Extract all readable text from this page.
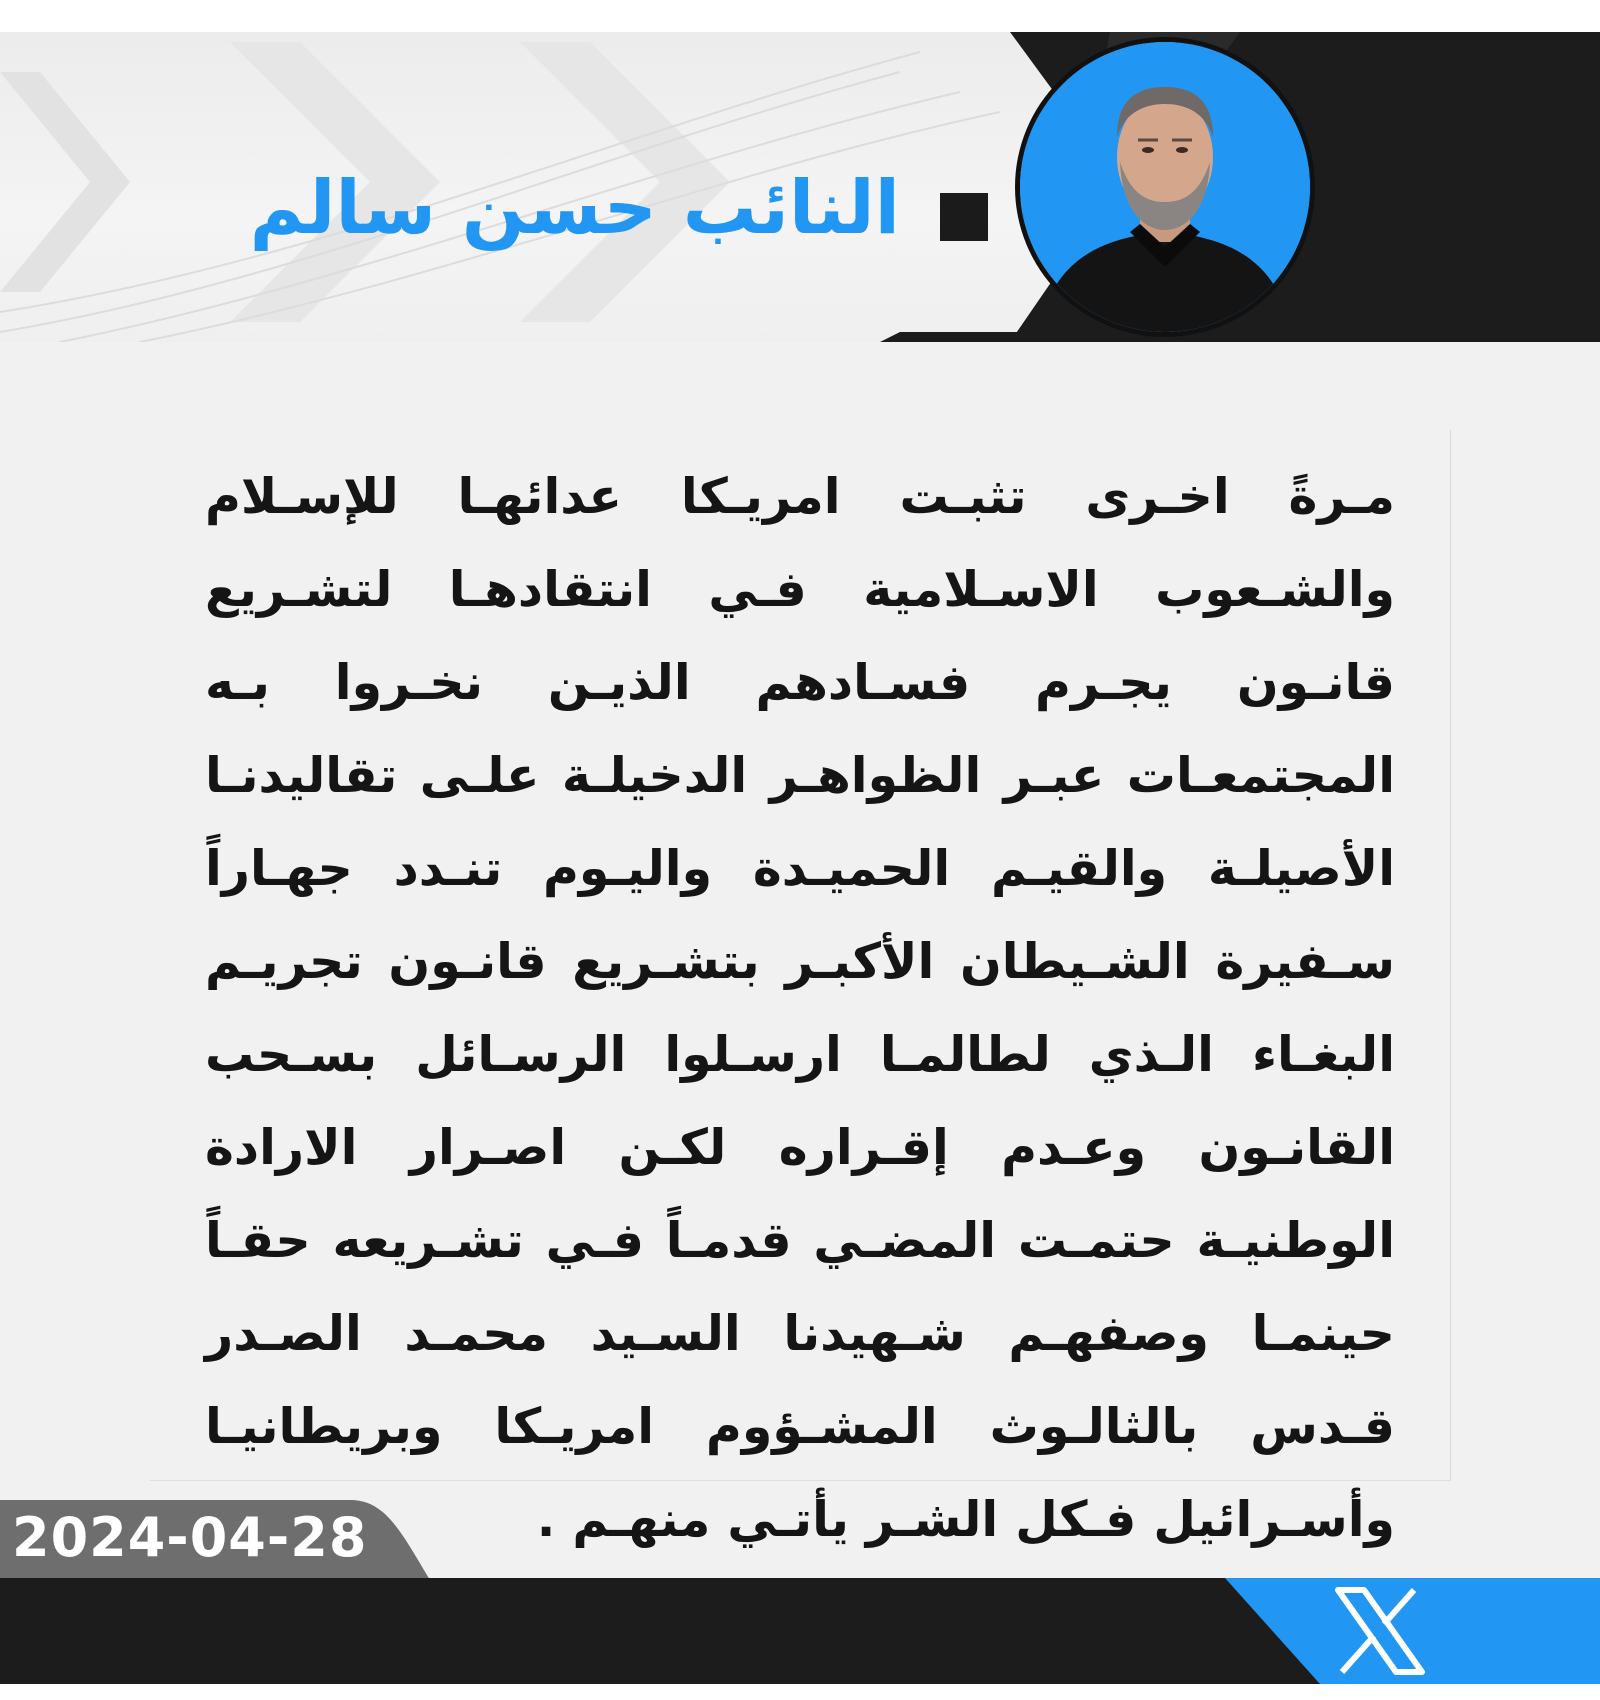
النائب حسن سالم

مـرةً اخـرى تثبـت امريـكا عدائهـا للإسـلام والشـعوب الاسـلامية فـي انتقادهـا لتشـريع قانـون يجـرم فسـادهم الذيـن نخـروا بـه المجتمعـات عبـر الظواهـر الدخيلـة علـى تقاليدنـا الأصيلـة والقيـم الحميـدة واليـوم تنـدد جهـاراً سـفيرة الشـيطان الأكبـر بتشـريع قانـون تجريـم البغـاء الـذي لطالمـا ارسـلوا الرسـائل بسـحب القانـون وعـدم إقـراره لكـن اصـرار الارادة الوطنيـة حتمـت المضـي قدمـاً فـي تشـريعه حقـاً حينمـا وصفهـم شـهيدنا السـيد محمـد الصـدر قـدس بالثالـوث المشـؤوم امريـكا وبريطانيـا وأسـرائيل فـكل الشـر يأتـي منهـم .

2024-04-28
